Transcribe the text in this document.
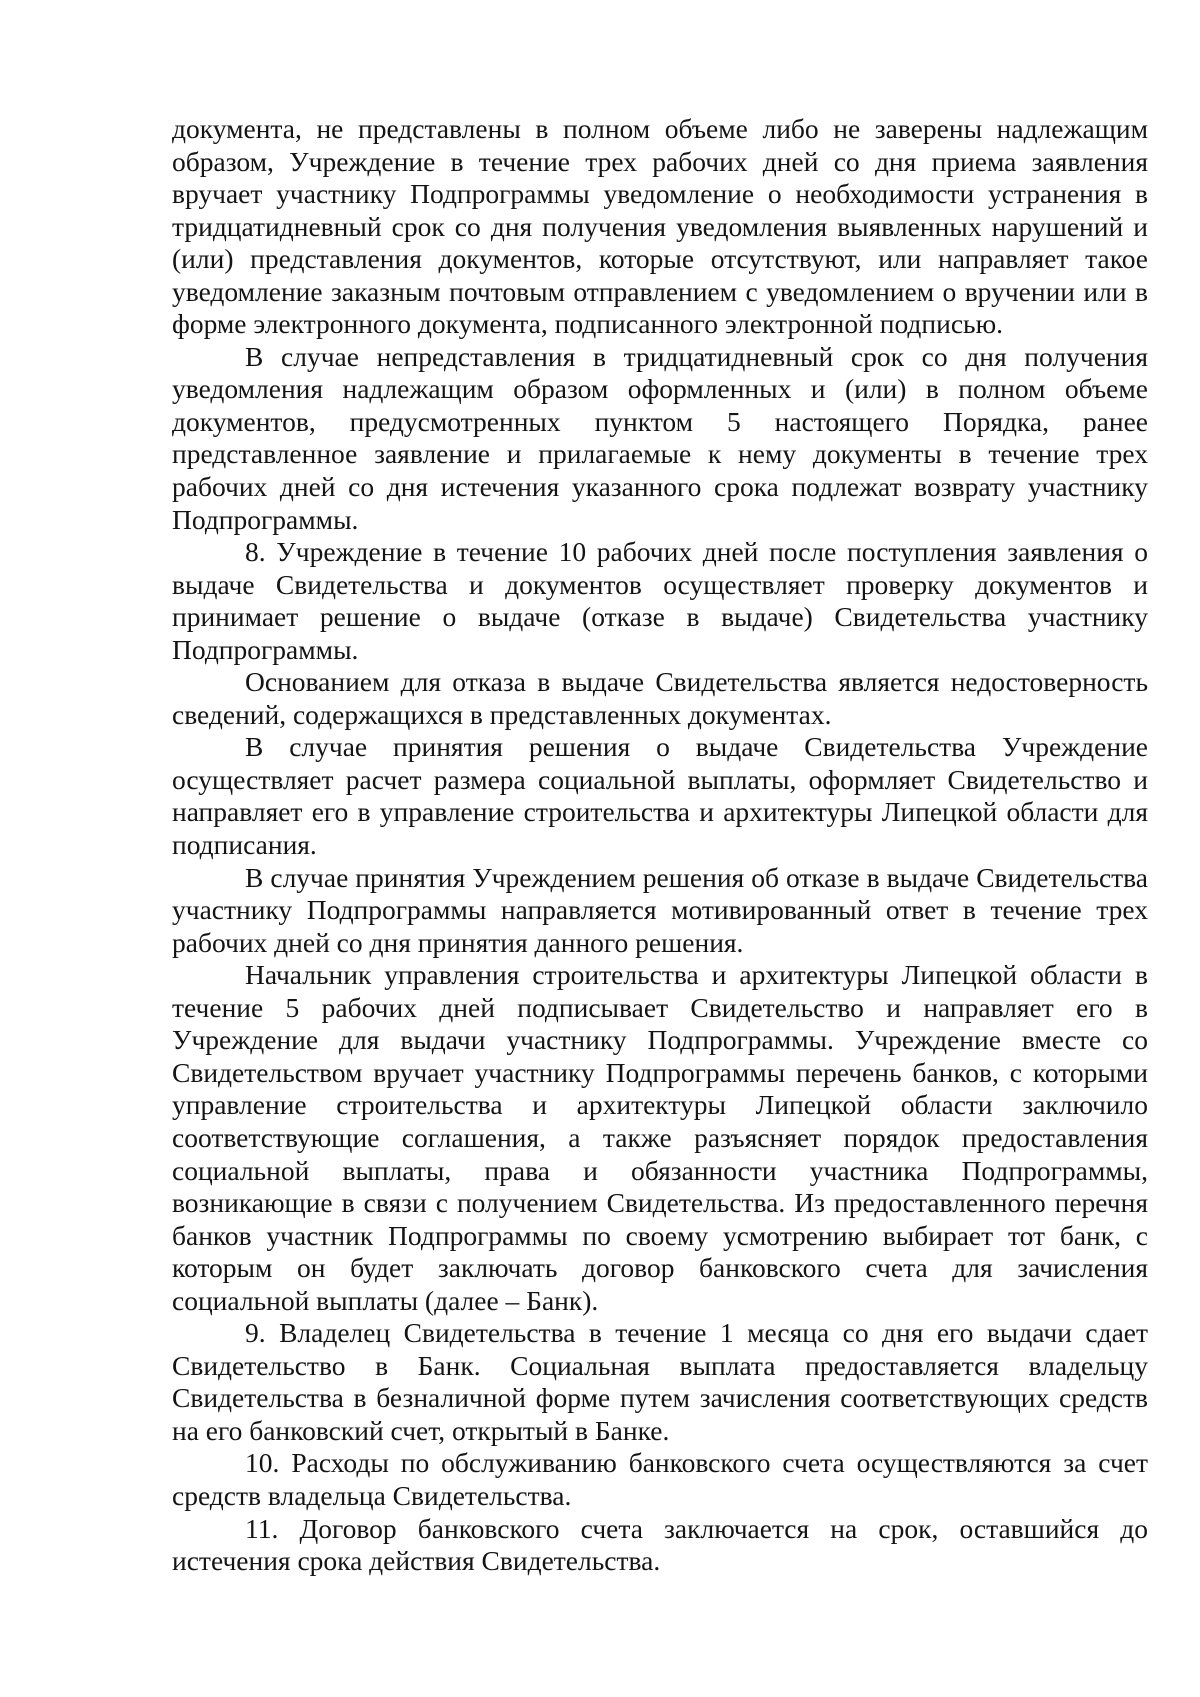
документа, не представлены в полном объеме либо не заверены надлежащим образом, Учреждение в течение трех рабочих дней со дня приема заявления вручает участнику Подпрограммы уведомление о необходимости устранения в тридцатидневный срок со дня получения уведомления выявленных нарушений и (или) представления документов, которые отсутствуют, или направляет такое уведомление заказным почтовым отправлением с уведомлением о вручении или в форме электронного документа, подписанного электронной подписью.

В случае непредставления в тридцатидневный срок со дня получения уведомления надлежащим образом оформленных и (или) в полном объеме документов, предусмотренных пунктом 5 настоящего Порядка, ранее представленное заявление и прилагаемые к нему документы в течение трех рабочих дней со дня истечения указанного срока подлежат возврату участнику Подпрограммы.

8. Учреждение в течение 10 рабочих дней после поступления заявления о выдаче Свидетельства и документов осуществляет проверку документов и принимает решение о выдаче (отказе в выдаче) Свидетельства участнику Подпрограммы.

Основанием для отказа в выдаче Свидетельства является недостоверность сведений, содержащихся в представленных документах.

В случае принятия решения о выдаче Свидетельства Учреждение осуществляет расчет размера социальной выплаты, оформляет Свидетельство и направляет его в управление строительства и архитектуры Липецкой области для подписания.

В случае принятия Учреждением решения об отказе в выдаче Свидетельства участнику Подпрограммы направляется мотивированный ответ в течение трех рабочих дней со дня принятия данного решения.

Начальник управления строительства и архитектуры Липецкой области в течение 5 рабочих дней подписывает Свидетельство и направляет его в Учреждение для выдачи участнику Подпрограммы. Учреждение вместе со Свидетельством вручает участнику Подпрограммы перечень банков, с которыми управление строительства и архитектуры Липецкой области заключило соответствующие соглашения, а также разъясняет порядок предоставления социальной выплаты, права и обязанности участника Подпрограммы, возникающие в связи с получением Свидетельства. Из предоставленного перечня банков участник Подпрограммы по своему усмотрению выбирает тот банк, с которым он будет заключать договор банковского счета для зачисления социальной выплаты (далее – Банк).

9. Владелец Свидетельства в течение 1 месяца со дня его выдачи сдает Свидетельство в Банк. Социальная выплата предоставляется владельцу Свидетельства в безналичной форме путем зачисления соответствующих средств на его банковский счет, открытый в Банке.

10. Расходы по обслуживанию банковского счета осуществляются за счет средств владельца Свидетельства.

11. Договор банковского счета заключается на срок, оставшийся до истечения срока действия Свидетельства.
